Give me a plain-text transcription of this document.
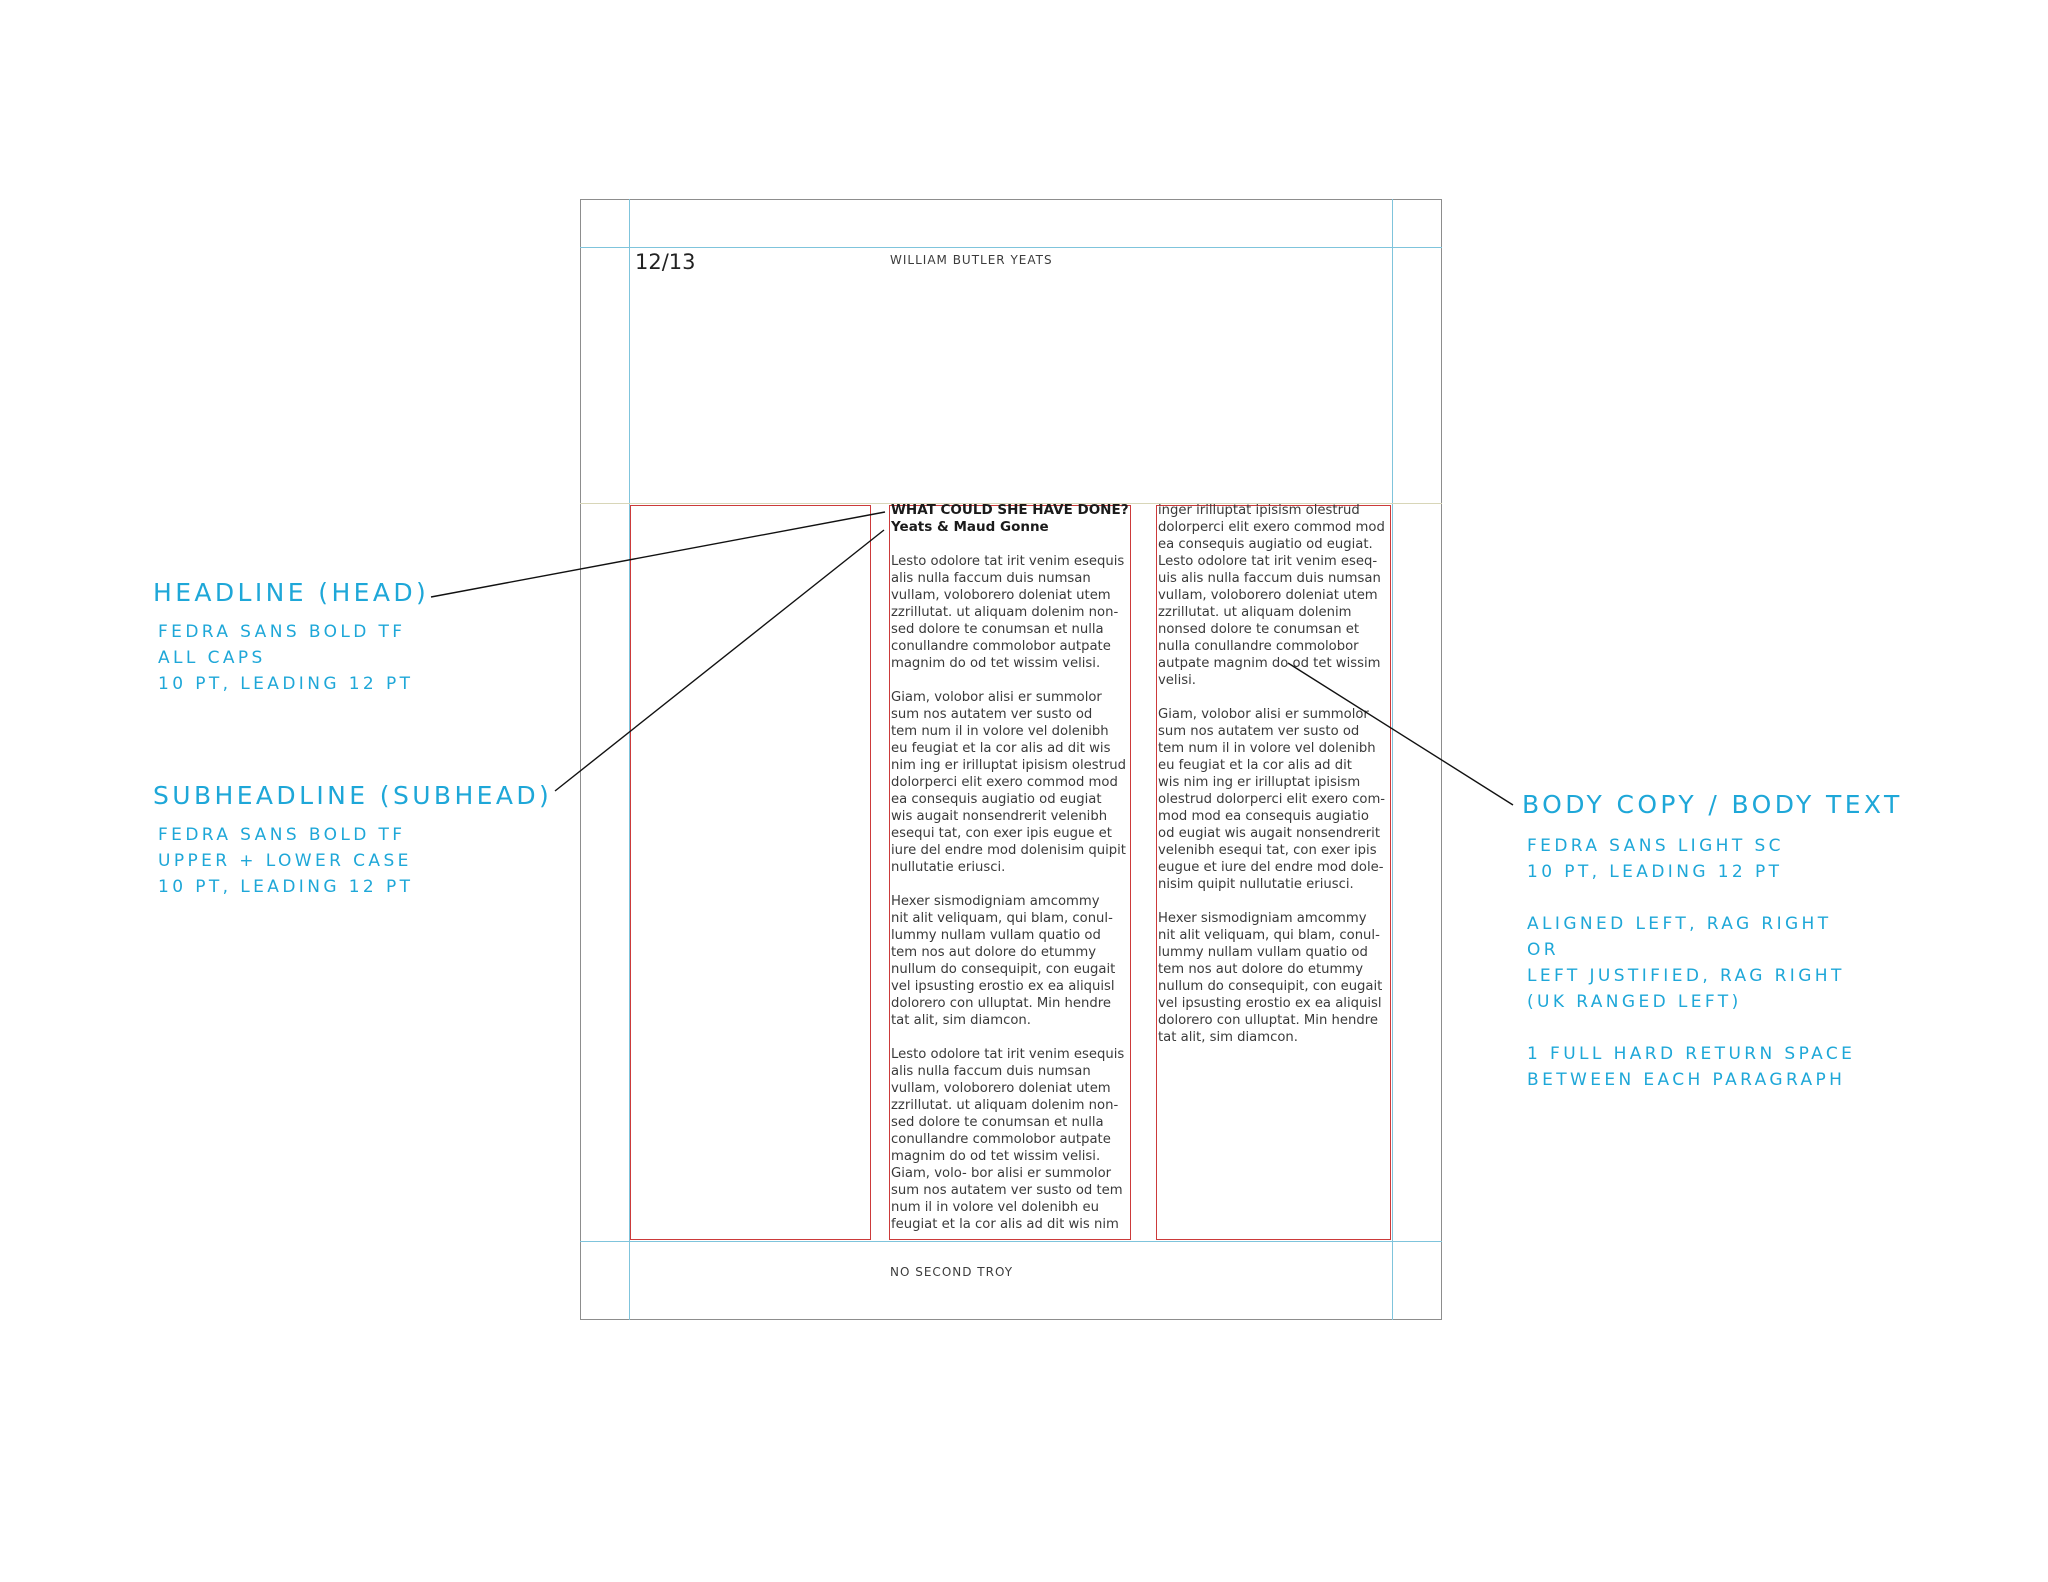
12/13	WILLIAM BUTLER YEATS
NO SECOND TROY
WHAT COULD SHE HAVE DONE?
Yeats & Maud Gonne
Lesto odolore tat irit venim esequis
alis nulla faccum duis numsan
vullam, voloborero doleniat utem
zzrillutat. ut aliquam dolenim non-
sed dolore te conumsan et nulla
conullandre commolobor autpate
magnim do od tet wissim velisi.

Giam, volobor alisi er summolor
sum nos autatem ver susto od
tem num il in volore vel dolenibh
eu feugiat et la cor alis ad dit wis
nim ing er irilluptat ipisism olestrud
dolorperci elit exero commod mod
ea consequis augiatio od eugiat
wis augait nonsendrerit velenibh
esequi tat, con exer ipis eugue et
iure del endre mod dolenisim quipit
nullutatie eriusci.

Hexer sismodigniam amcommy
nit alit veliquam, qui blam, conul-
lummy nullam vullam quatio od
tem nos aut dolore do etummy
nullum do consequipit, con eugait
vel ipsusting erostio ex ea aliquisl
dolorero con ulluptat. Min hendre
tat alit, sim diamcon.

Lesto odolore tat irit venim esequis
alis nulla faccum duis numsan
vullam, voloborero doleniat utem
zzrillutat. ut aliquam dolenim non-
sed dolore te conumsan et nulla
conullandre commolobor autpate
magnim do od tet wissim velisi.
Giam, volo- bor alisi er summolor
sum nos autatem ver susto od tem
num il in volore vel dolenibh eu
feugiat et la cor alis ad dit wis nim
inger irilluptat ipisism olestrud
dolorperci elit exero commod mod
ea consequis augiatio od eugiat.
Lesto odolore tat irit venim eseq-
uis alis nulla faccum duis numsan
vullam, voloborero doleniat utem
zzrillutat. ut aliquam dolenim
nonsed dolore te conumsan et
nulla conullandre commolobor
autpate magnim do od tet wissim
velisi.

Giam, volobor alisi er summolor
sum nos autatem ver susto od
tem num il in volore vel dolenibh
eu feugiat et la cor alis ad dit
wis nim ing er irilluptat ipisism
olestrud dolorperci elit exero com-
mod mod ea consequis augiatio
od eugiat wis augait nonsendrerit
velenibh esequi tat, con exer ipis
eugue et iure del endre mod dole-
nisim quipit nullutatie eriusci.

Hexer sismodigniam amcommy
nit alit veliquam, qui blam, conul-
lummy nullam vullam quatio od
tem nos aut dolore do etummy
nullum do consequipit, con eugait
vel ipsusting erostio ex ea aliquisl
dolorero con ulluptat. Min hendre
tat alit, sim diamcon.
HEADLINE (HEAD)
FEDRA SANS BOLD TF
ALL CAPS
10 PT, LEADING 12 PT
SUBHEADLINE (SUBHEAD)
FEDRA SANS BOLD TF
UPPER + LOWER CASE
10 PT, LEADING 12 PT
BODY COPY / BODY TEXT
FEDRA SANS LIGHT SC
10 PT, LEADING 12 PT

ALIGNED LEFT, RAG RIGHT
OR
LEFT JUSTIFIED, RAG RIGHT
(UK RANGED LEFT)

1 FULL HARD RETURN SPACE
BETWEEN EACH PARAGRAPH
